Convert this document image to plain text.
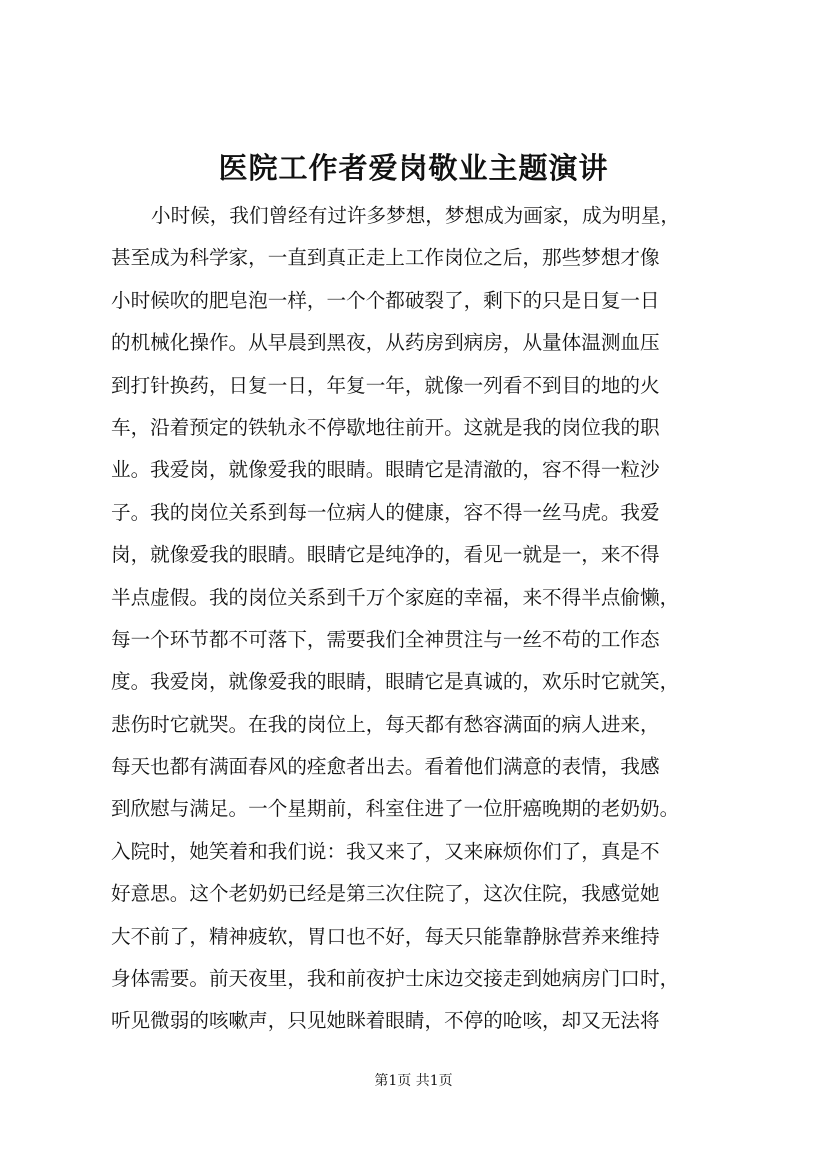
医院工作者爱岗敬业主题演讲
小时候，我们曾经有过许多梦想，梦想成为画家，成为明星，
甚至成为科学家，一直到真正走上工作岗位之后，那些梦想才像
小时候吹的肥皂泡一样，一个个都破裂了，剩下的只是日复一日
的机械化操作。从早晨到黑夜，从药房到病房，从量体温测血压
到打针换药，日复一日，年复一年，就像一列看不到目的地的火
车，沿着预定的铁轨永不停歇地往前开。这就是我的岗位我的职
业。我爱岗，就像爱我的眼睛。眼睛它是清澈的，容不得一粒沙
子。我的岗位关系到每一位病人的健康，容不得一丝马虎。我爱
岗，就像爱我的眼睛。眼睛它是纯净的，看见一就是一，来不得
半点虚假。我的岗位关系到千万个家庭的幸福，来不得半点偷懒，
每一个环节都不可落下，需要我们全神贯注与一丝不苟的工作态
度。我爱岗，就像爱我的眼睛，眼睛它是真诚的，欢乐时它就笑，
悲伤时它就哭。在我的岗位上，每天都有愁容满面的病人进来，
每天也都有满面春风的痊愈者出去。看着他们满意的表情，我感
到欣慰与满足。一个星期前，科室住进了一位肝癌晚期的老奶奶。
入院时，她笑着和我们说：我又来了，又来麻烦你们了，真是不
好意思。这个老奶奶已经是第三次住院了，这次住院，我感觉她
大不前了，精神疲软，胃口也不好，每天只能靠静脉营养来维持
身体需要。前天夜里，我和前夜护士床边交接走到她病房门口时，
听见微弱的咳嗽声，只见她眯着眼睛，不停的呛咳，却又无法将
第1页 共1页
